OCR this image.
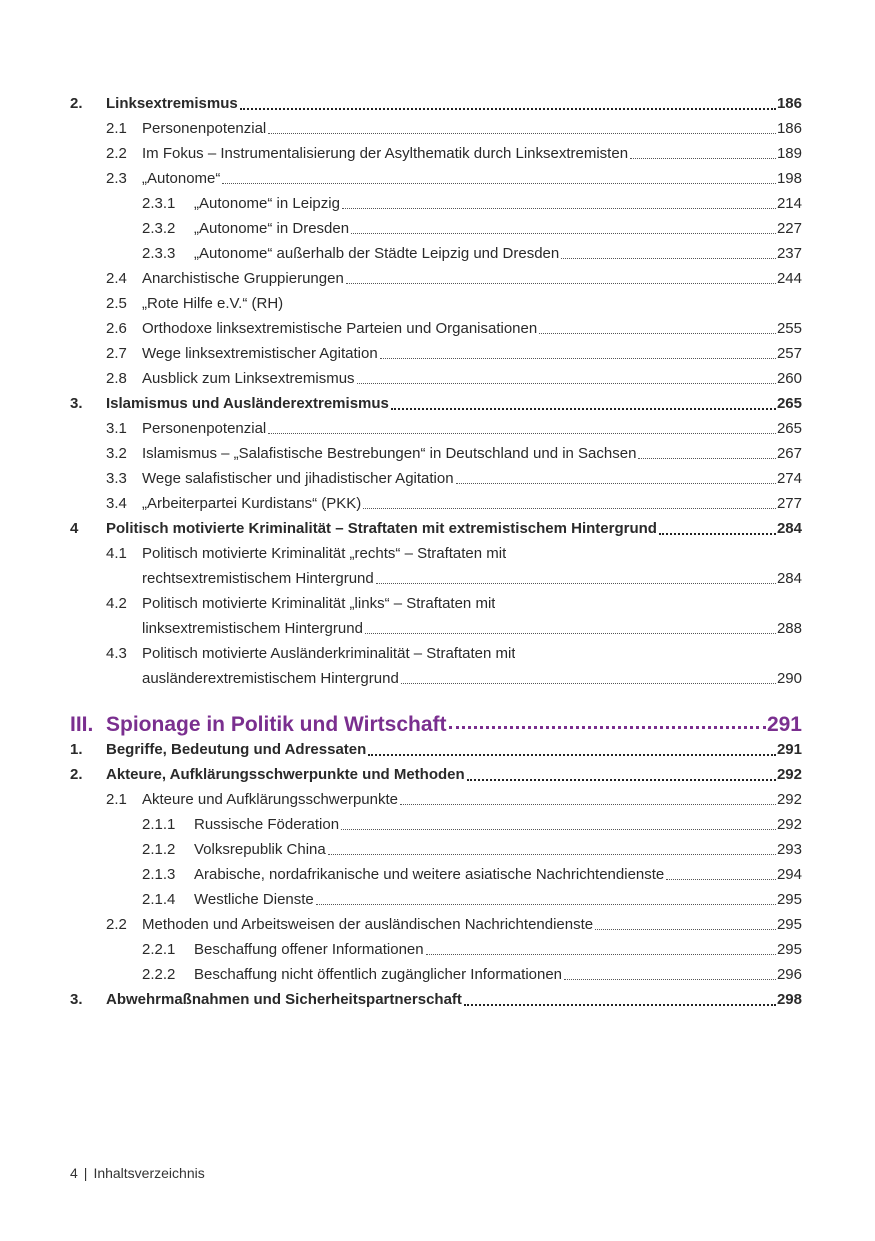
2.	Linksextremismus	186
2.1	Personenpotenzial	186
2.2	Im Fokus – Instrumentalisierung der Asylthematik durch Linksextremisten	189
2.3	„Autonome“	198
2.3.1	„Autonome“ in Leipzig	214
2.3.2	„Autonome“ in Dresden	227
2.3.3	„Autonome“ außerhalb der Städte Leipzig und Dresden	237
2.4	Anarchistische Gruppierungen	244
2.5	„Rote Hilfe e.V.“ (RH)
2.6	Orthodoxe linksextremistische Parteien und Organisationen	255
2.7	Wege linksextremistischer Agitation	257
2.8	Ausblick zum Linksextremismus	260
3.	Islamismus und Ausländerextremismus	265
3.1	Personenpotenzial	265
3.2	Islamismus – „Salafistische Bestrebungen“ in Deutschland und in Sachsen	267
3.3	Wege salafistischer und jihadistischer Agitation	274
3.4	„Arbeiterpartei Kurdistans“ (PKK)	277
4	Politisch motivierte Kriminalität – Straftaten mit extremistischem Hintergrund	284
4.1	Politisch motivierte Kriminalität „rechts“ – Straftaten mit
rechtsextremistischem Hintergrund	284
4.2	Politisch motivierte Kriminalität „links“ – Straftaten mit
linksextremistischem Hintergrund	288
4.3	Politisch motivierte Ausländerkriminalität – Straftaten mit
ausländerextremistischem Hintergrund	290
III. Spionage in Politik und Wirtschaft	291
1.	Begriffe, Bedeutung und Adressaten	291
2.	Akteure, Aufklärungsschwerpunkte und Methoden	292
2.1	Akteure und Aufklärungsschwerpunkte	292
2.1.1	Russische Föderation	292
2.1.2	Volksrepublik China	293
2.1.3	Arabische, nordafrikanische und weitere asiatische Nachrichtendienste	294
2.1.4	Westliche Dienste	295
2.2	Methoden und Arbeitsweisen der ausländischen Nachrichtendienste	295
2.2.1	Beschaffung offener Informationen	295
2.2.2	Beschaffung nicht öffentlich zugänglicher Informationen	296
3.	Abwehrmaßnahmen und Sicherheitspartnerschaft	298
4 | Inhaltsverzeichnis
